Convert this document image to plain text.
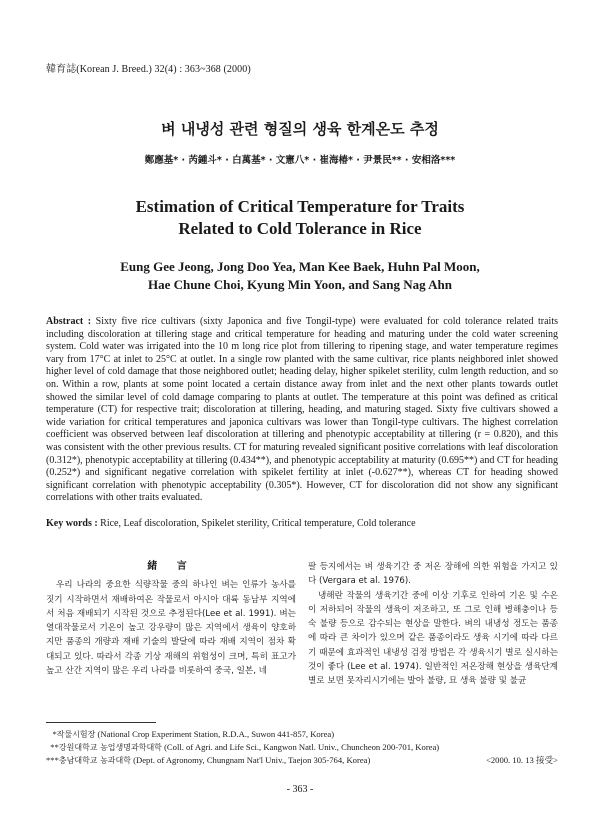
韓育誌(Korean J. Breed.) 32(4) : 363~368 (2000)
벼 내냉성 관련 형질의 생육 한계온도 추정
鄭應基* · 芮鍾斗* · 白萬基* · 文憲八* · 崔海椿* · 尹景民** · 安相洛***
Estimation of Critical Temperature for Traits
Related to Cold Tolerance in Rice
Eung Gee Jeong, Jong Doo Yea, Man Kee Baek, Huhn Pal Moon,
Hae Chune Choi, Kyung Min Yoon, and Sang Nag Ahn
Abstract : Sixty five rice cultivars (sixty Japonica and five Tongil-type) were evaluated for cold tolerance related traits including discoloration at tillering stage and critical temperature for heading and maturing under the cold water screening system. Cold water was irrigated into the 10 m long rice plot from tillering to ripening stage, and water temperature regimes vary from 17°C at inlet to 25°C at outlet. In a single row planted with the same cultivar, rice plants neighbored inlet showed higher level of cold damage that those neighbored outlet; heading delay, higher spikelet sterility, culm length reduction, and so on. Within a row, plants at some point located a certain distance away from inlet and the next other plants towards outlet showed the similar level of cold damage comparing to plants at outlet. The temperature at this point was defined as critical temperature (CT) for respective trait; discoloration at tillering, heading, and maturing staged. Sixty five cultivars showed a wide variation for critical temperatures and japonica cultivars was lower than Tongil-type cultivars. The highest correlation coefficient was observed between leaf discoloration at tillering and phenotypic acceptability at tillering (r = 0.820), and this was consistent with the other previous results. CT for maturing revealed significant positive correlations with leaf discoloration (0.312*), phenotypic acceptability at tillering (0.434**), and phenotypic acceptability at maturity (0.695**) and CT for heading (0.252*) and significant negative correlation with spikelet fertility at inlet (-0.627**), whereas CT for heading showed significant correlation with phenotypic acceptability (0.305*). However, CT for discoloration did not show any significant correlations with other traits evaluated.
Key words : Rice, Leaf discoloration, Spikelet sterility, Critical temperature, Cold tolerance
緒 言

우리 나라의 중요한 식량작물 중의 하나인 벼는 인류가 농사를 짓기 시작하면서 재배하여온 작물로서 아시아 대륙 동남부 지역에서 처음 재배되기 시작된 것으로 추정된다(Lee et al. 1991). 벼는 열대작물로서 기온이 높고 강우량이 많은 지역에서 생육이 양호하지만 품종의 개량과 재배 기술의 발달에 따라 재배 지역이 점차 확대되고 있다. 따라서 각종 기상 재해의 위험성이 크며, 특히 표고가 높고 산간 지역이 많은 우리 나라를 비롯하여 중국, 일본, 네

팔 등지에서는 벼 생육기간 중 저온 장해에 의한 위험을 가지고 있다 (Vergara et al. 1976).

냉해란 작물의 생육기간 중에 이상 기후로 인하여 기온 및 수온이 저하되어 작물의 생육이 저조하고, 또 그로 인해 병해충이나 등숙 불량 등으로 감수되는 현상을 말한다. 벼의 내냉성 정도는 품종에 따라 큰 차이가 있으며 같은 품종이라도 생육 시기에 따라 다르기 때문에 효과적인 내냉성 검정 방법은 각 생육시기 별로 실시하는 것이 좋다 (Lee et al. 1974). 일반적인 저온장해 현상을 생육단계 별로 보면 못자리시기에는 발아 불량, 묘 생육 불량 및 불균

*작물시험장 (National Crop Experiment Station, R.D.A., Suwon 441-857, Korea)
**강원대학교 농업생명과학대학 (Coll. of Agri. and Life Sci., Kangwon Natl. Univ., Chuncheon 200-701, Korea)
***충남대학교 농과대학 (Dept. of Agronomy, Chungnam Nat'l Univ., Taejon 305-764, Korea)	<2000. 10. 13 接受>
- 363 -
